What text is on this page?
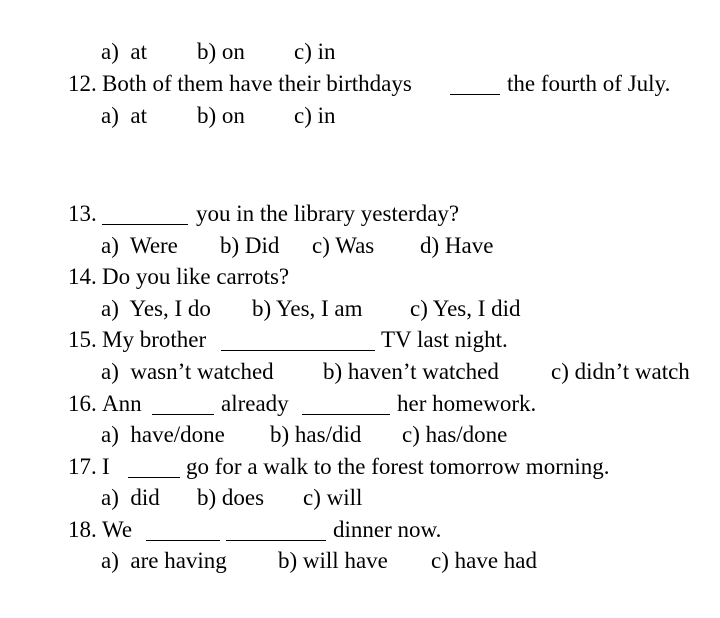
a)  at b) on c) in
12. Both of them have their birthdays	the fourth of July.
a)  at b) on c) in
13.	you in the library yesterday?
a)  Were b) Did c) Was d) Have
14. Do you like carrots?
a)  Yes, I do b) Yes, I am c) Yes, I did
15. My brother	TV last night.
a)  wasn’t watched b) haven’t watched c) didn’t watch
16. Ann	already	her homework.
a)  have/done b) has/did c) has/done
17. I	go for a walk to the forest tomorrow morning.
a)  did b) does c) will
18. We	dinner now.
a)  are having b) will have c) have had
